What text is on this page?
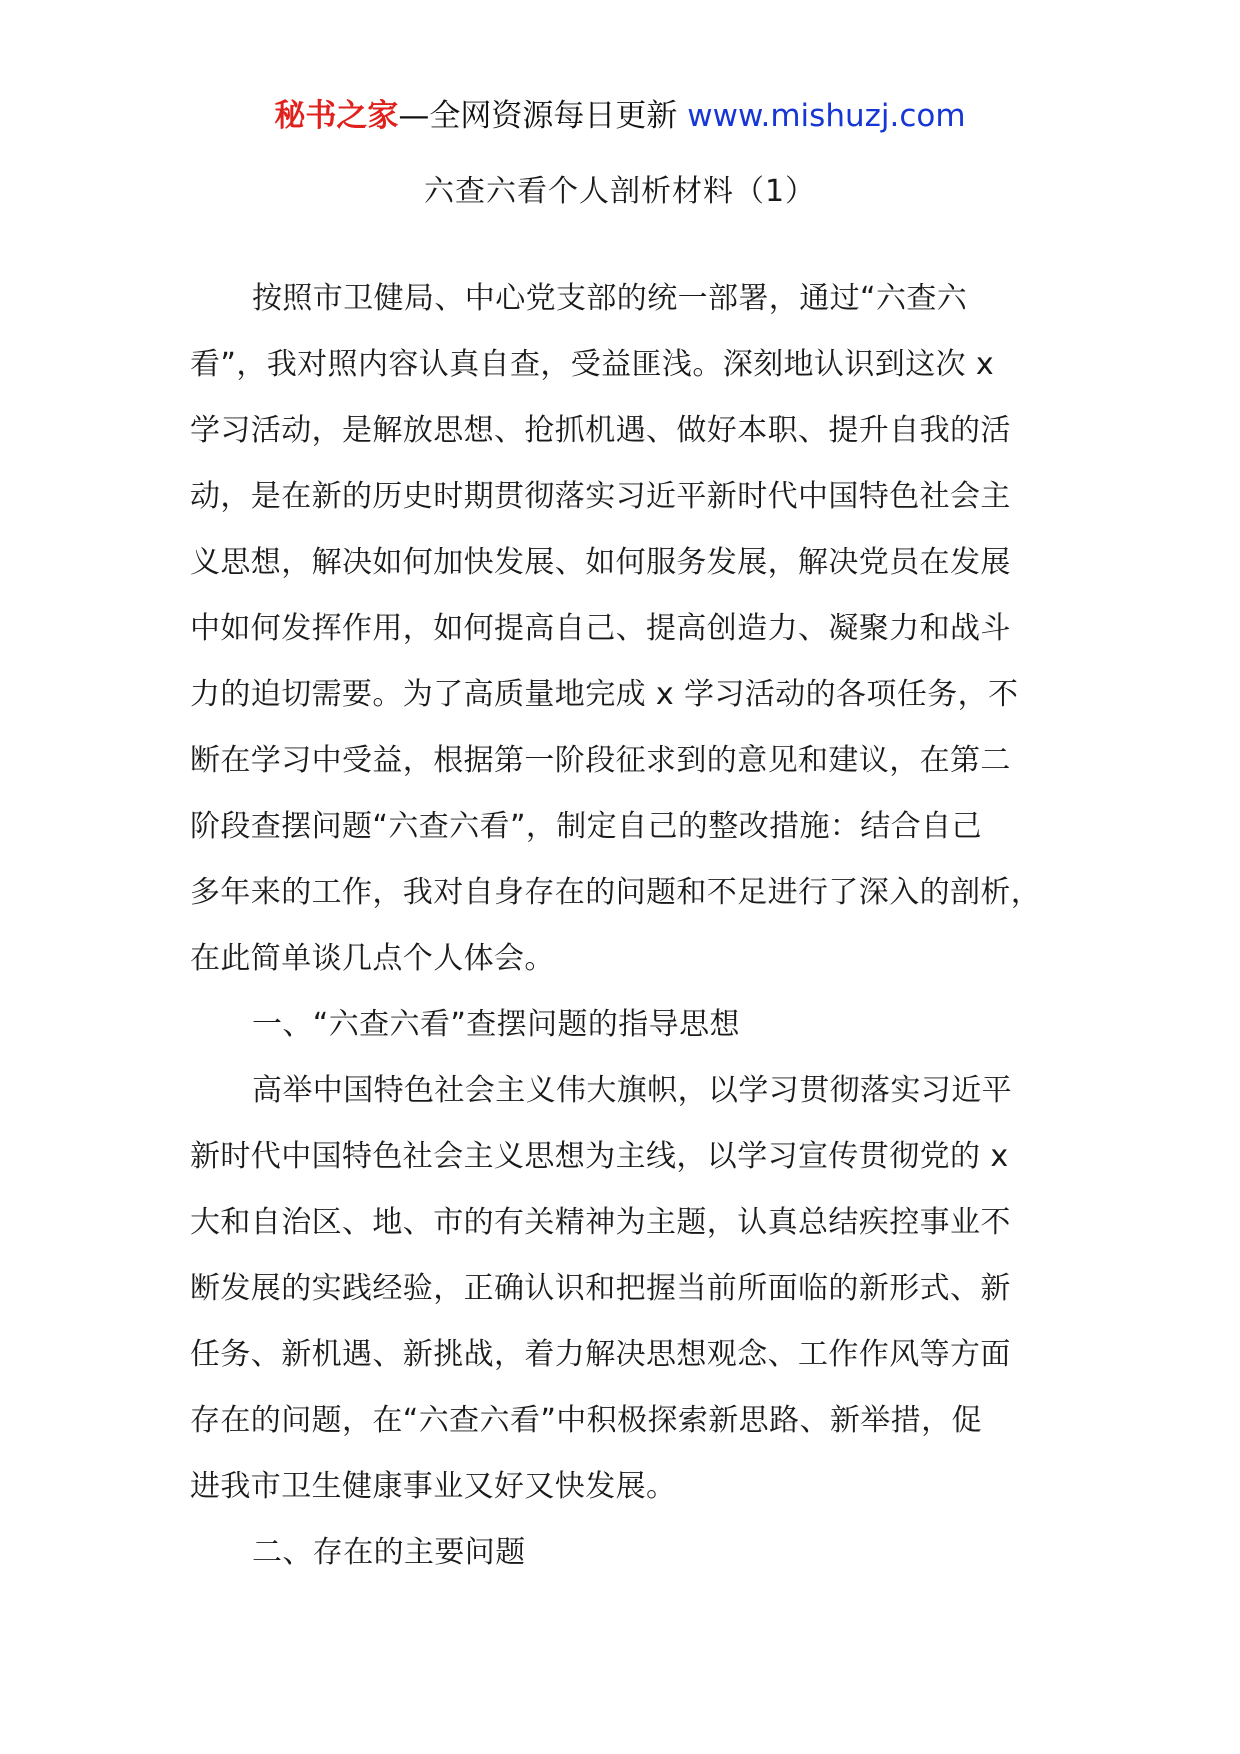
秘书之家—全网资源每日更新 www.mishuzj.com
六查六看个人剖析材料（1）
按照市卫健局、中心党支部的统一部署，通过“六查六
看”，我对照内容认真自查，受益匪浅。深刻地认识到这次 x
学习活动，是解放思想、抢抓机遇、做好本职、提升自我的活
动，是在新的历史时期贯彻落实习近平新时代中国特色社会主
义思想，解决如何加快发展、如何服务发展，解决党员在发展
中如何发挥作用，如何提高自己、提高创造力、凝聚力和战斗
力的迫切需要。为了高质量地完成 x 学习活动的各项任务，不
断在学习中受益，根据第一阶段征求到的意见和建议，在第二
阶段查摆问题“六查六看”，制定自己的整改措施：结合自己
多年来的工作，我对自身存在的问题和不足进行了深入的剖析，
在此简单谈几点个人体会。
一、“六查六看”查摆问题的指导思想
高举中国特色社会主义伟大旗帜，以学习贯彻落实习近平
新时代中国特色社会主义思想为主线，以学习宣传贯彻党的 x
大和自治区、地、市的有关精神为主题，认真总结疾控事业不
断发展的实践经验，正确认识和把握当前所面临的新形式、新
任务、新机遇、新挑战，着力解决思想观念、工作作风等方面
存在的问题，在“六查六看”中积极探索新思路、新举措，促
进我市卫生健康事业又好又快发展。
二、存在的主要问题
